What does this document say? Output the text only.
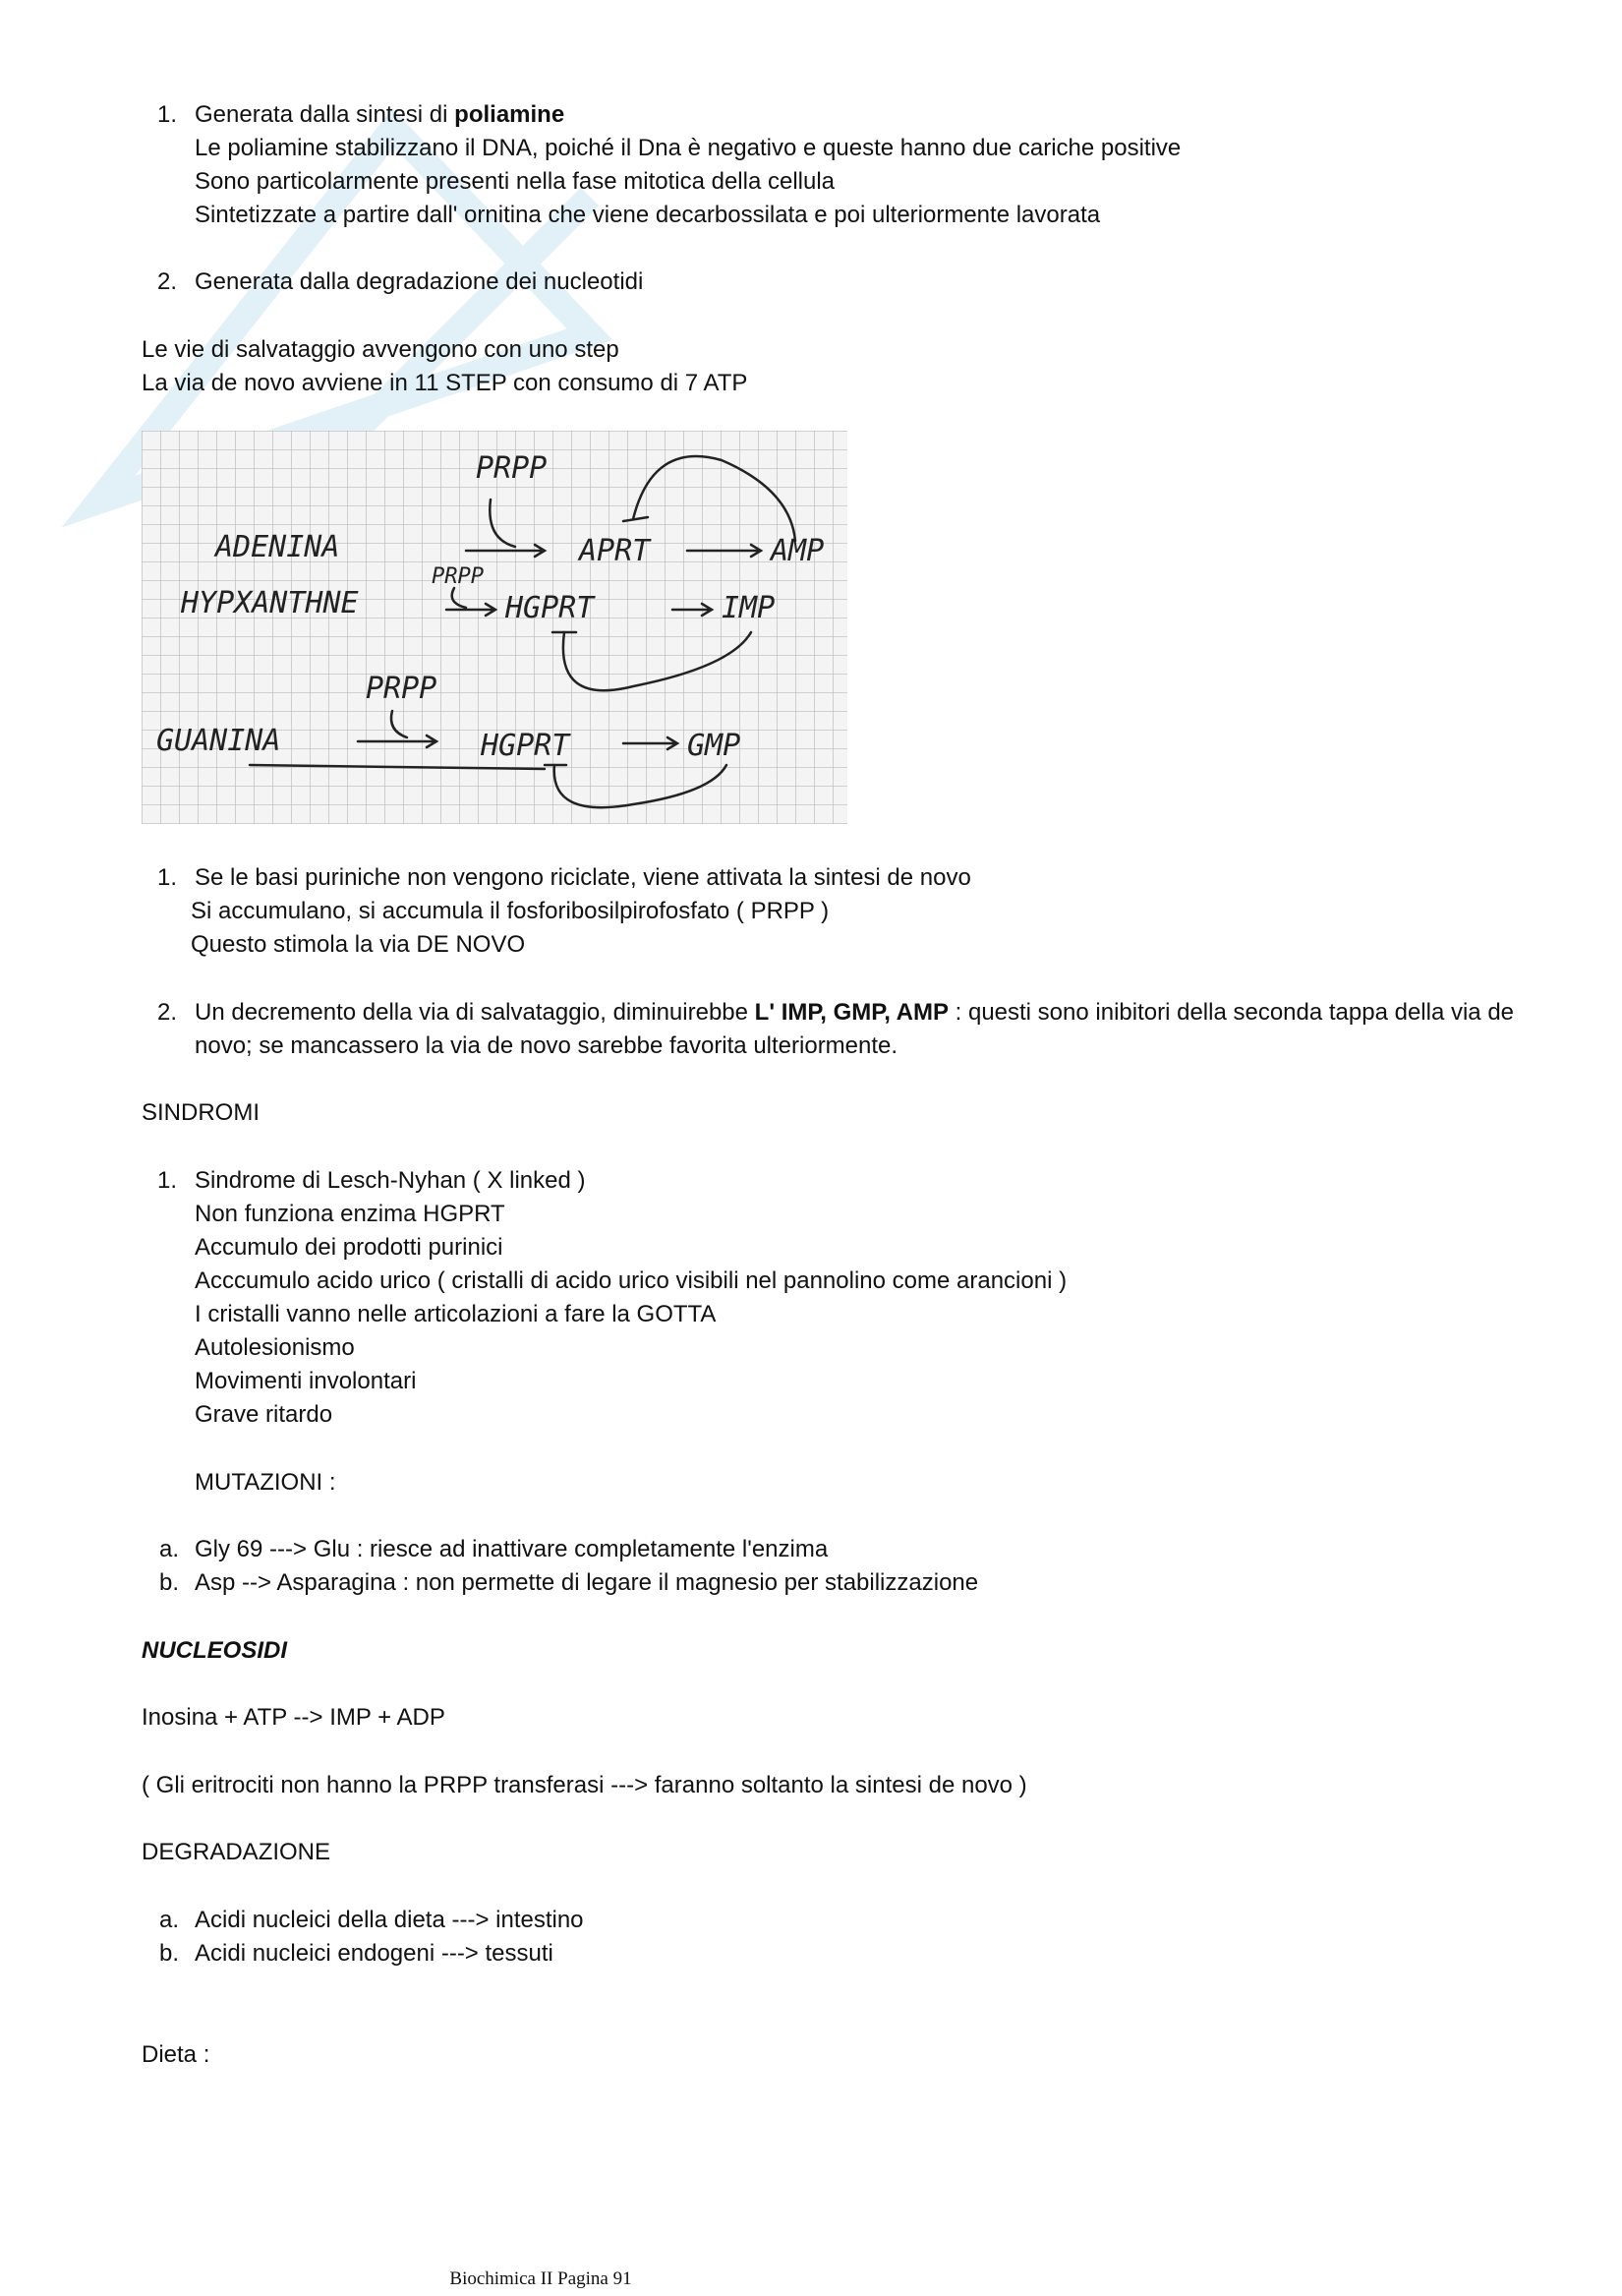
1. Generata dalla sintesi di poliamine
Le poliamine stabilizzano il DNA, poiché il Dna è negativo e queste hanno due cariche positive
Sono particolarmente presenti nella fase mitotica della cellula
Sintetizzate a partire dall' ornitina che viene decarbossilata e poi ulteriormente lavorata
2. Generata dalla degradazione dei nucleotidi
Le vie di salvataggio avvengono con uno step
La via de novo avviene in 11 STEP con consumo di 7 ATP
PRPP
ADENINA	APRT	AMP
PRPP
HYPXANTHNE	HGPRT	IMP
PRPP
GUANINA	HGPRT	GMP
1. Se le basi puriniche non vengono riciclate, viene attivata la sintesi de novo
Si accumulano, si accumula il fosforibosilpirofosfato ( PRPP )
Questo stimola la via DE NOVO
2. Un decremento della via di salvataggio, diminuirebbe L' IMP, GMP, AMP : questi sono inibitori della seconda tappa della via de
novo; se mancassero la via de novo sarebbe favorita ulteriormente.
SINDROMI
1. Sindrome di Lesch-Nyhan ( X linked )
Non funziona enzima HGPRT
Accumulo dei prodotti purinici
Acccumulo acido urico ( cristalli di acido urico visibili nel pannolino come arancioni )
I cristalli vanno nelle articolazioni a fare la GOTTA
Autolesionismo
Movimenti involontari
Grave ritardo
MUTAZIONI :
a. Gly 69 ---> Glu : riesce ad inattivare completamente l'enzima
b. Asp --> Asparagina : non permette di legare il magnesio per stabilizzazione
NUCLEOSIDI
Inosina + ATP --> IMP + ADP
( Gli eritrociti non hanno la PRPP transferasi ---> faranno soltanto la sintesi de novo )
DEGRADAZIONE
a. Acidi nucleici della dieta ---> intestino
b. Acidi nucleici endogeni ---> tessuti
Dieta :
Biochimica II Pagina 91
